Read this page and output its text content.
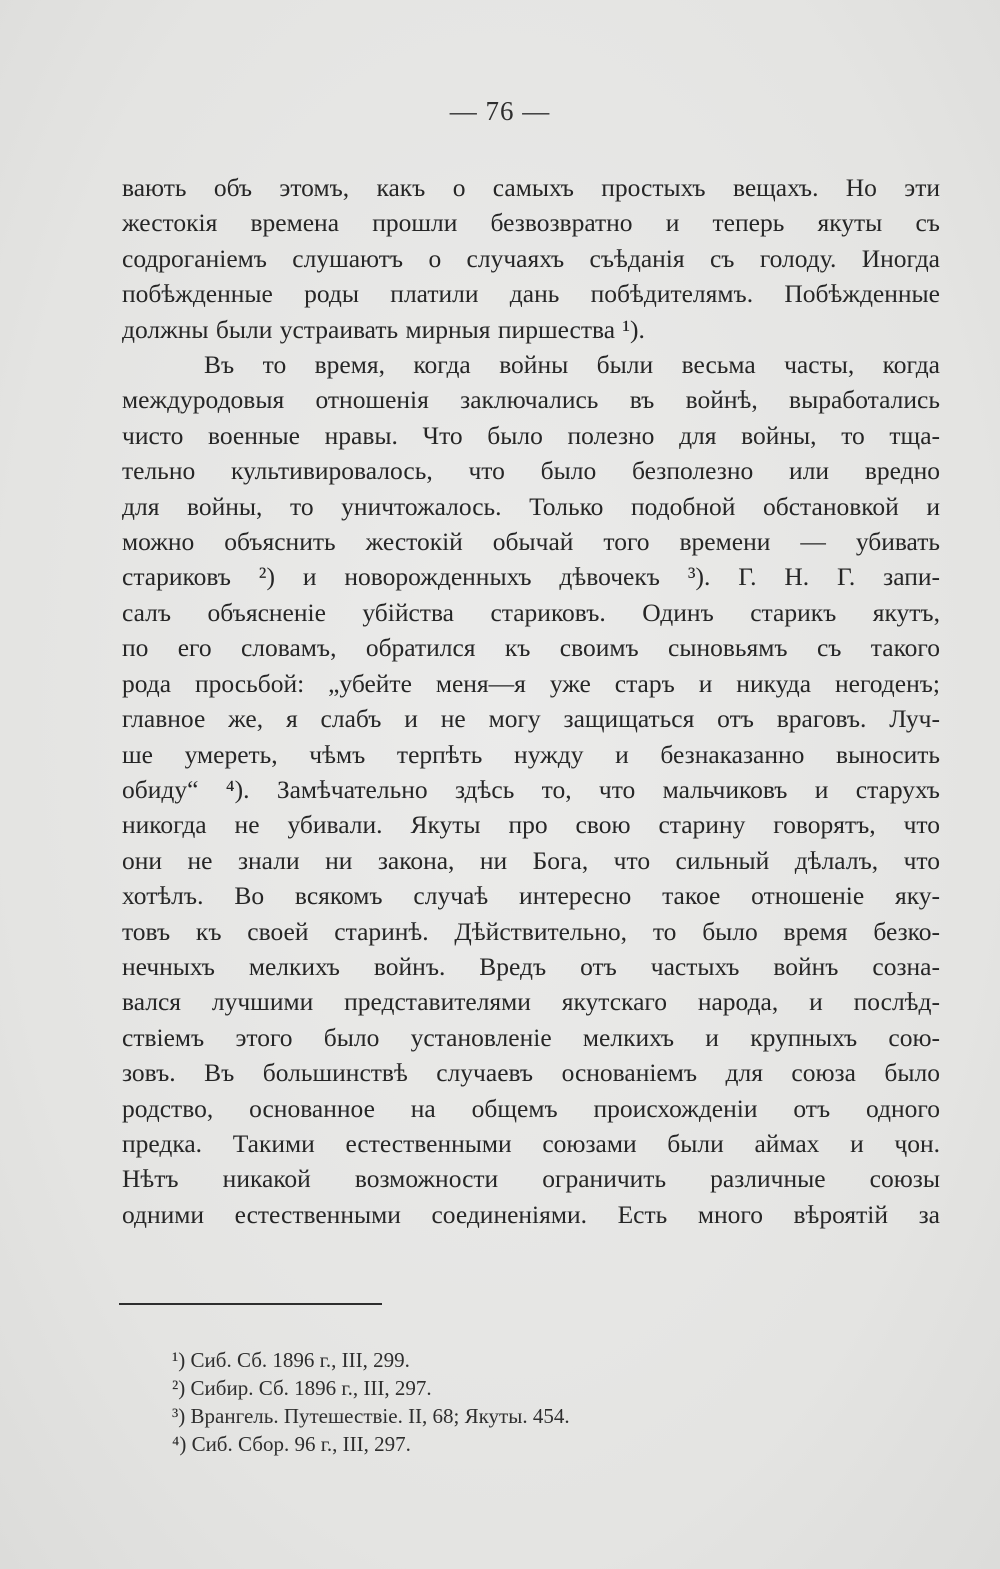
— 76 —
вають объ этомъ, какъ о самыхъ простыхъ вещахъ. Но эти
жестокія времена прошли безвозвратно и теперь якуты съ
содроганіемъ слушаютъ о случаяхъ съѣданія съ голоду. Иногда
побѣжденные роды платили дань побѣдителямъ. Побѣжденные
должны были устраивать мирныя пиршества ¹).
Въ то время, когда войны были весьма часты, когда
междуродовыя отношенія заключались въ войнѣ, выработались
чисто военные нравы. Что было полезно для войны, то тща-
тельно культивировалось, что было безполезно или вредно
для войны, то уничтожалось. Только подобной обстановкой и
можно объяснить жестокій обычай того времени — убивать
стариковъ ²) и новорожденныхъ дѣвочекъ ³). Г. Н. Г. запи-
салъ объясненіе убійства стариковъ. Одинъ старикъ якутъ,
по его словамъ, обратился къ своимъ сыновьямъ съ такого
рода просьбой: „убейте меня—я уже старъ и никуда негоденъ;
главное же, я слабъ и не могу защищаться отъ враговъ. Луч-
ше умереть, чѣмъ терпѣть нужду и безнаказанно выносить
обиду“ ⁴). Замѣчательно здѣсь то, что мальчиковъ и старухъ
никогда не убивали. Якуты про свою старину говорятъ, что
они не знали ни закона, ни Бога, что сильный дѣлалъ, что
хотѣлъ. Во всякомъ случаѣ интересно такое отношеніе яку-
товъ къ своей старинѣ. Дѣйствительно, то было время безко-
нечныхъ мелкихъ войнъ. Вредъ отъ частыхъ войнъ созна-
вался лучшими представителями якутскаго народа, и послѣд-
ствіемъ этого было установленіе мелкихъ и крупныхъ сою-
зовъ. Въ большинствѣ случаевъ основаніемъ для союза было
родство, основанное на общемъ происхожденіи отъ одного
предка. Такими естественными союзами были аймах и ҷон.
Нѣтъ никакой возможности ограничить различные союзы
одними естественными соединеніями. Есть много вѣроятій за
¹) Сиб. Сб. 1896 г., III, 299.
²) Сибир. Сб. 1896 г., III, 297.
³) Врангель. Путешествіе. II, 68; Якуты. 454.
⁴) Сиб. Сбор. 96 г., III, 297.
